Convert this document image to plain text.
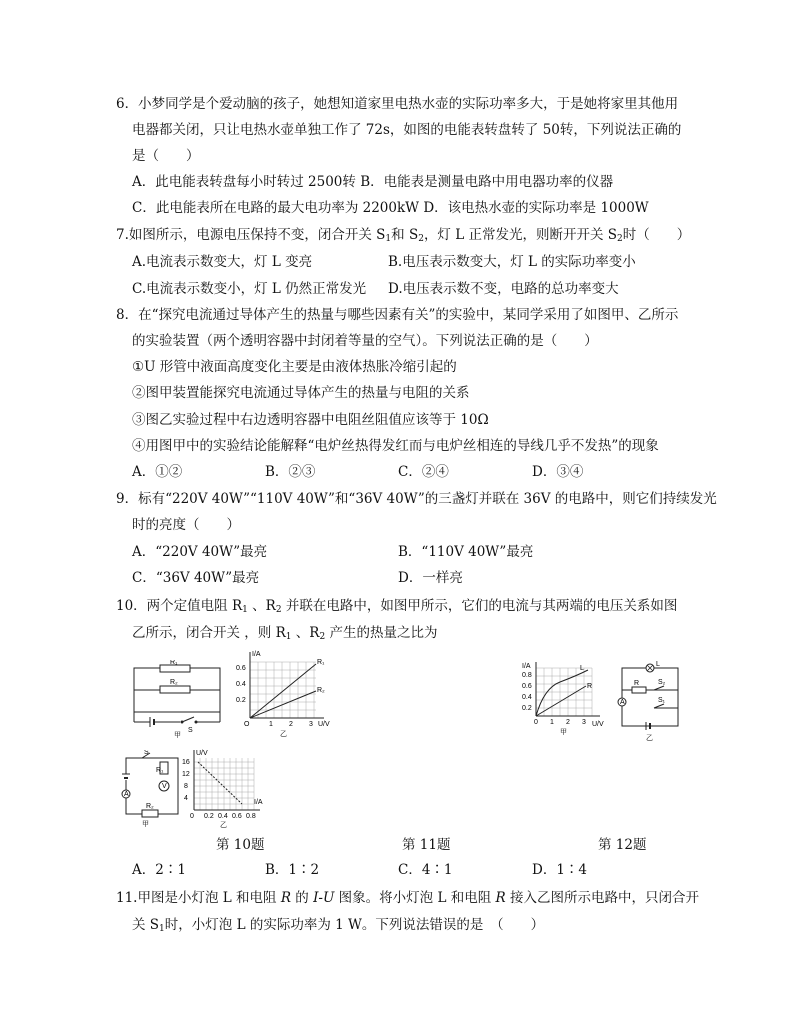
6．小梦同学是个爱动脑的孩子，她想知道家里电热水壶的实际功率多大，于是她将家里其他用
电器都关闭，只让电热水壶单独工作了 72s，如图的电能表转盘转了 50转，下列说法正确的
是（　　）
A．此电能表转盘每小时转过 2500转 B．电能表是测量电路中用电器功率的仪器
C．此电能表所在电路的最大电功率为 2200kW D．该电热水壶的实际功率是 1000W
7.如图所示，电源电压保持不变，闭合开关 $S_1$和 $S_2$，灯 L 正常发光，则断开开关 $S_2$时（　　）
A.电流表示数变大，灯 L 变亮	B.电压表示数变大，灯 L 的实际功率变小
C.电流表示数变小，灯 L 仍然正常发光 D.电压表示数不变，电路的总功率变大
8．在“探究电流通过导体产生的热量与哪些因素有关”的实验中，某同学采用了如图甲、乙所示
的实验装置（两个透明容器中封闭着等量的空气）。下列说法正确的是（　　）
①U 形管中液面高度变化主要是由液体热胀冷缩引起的
②图甲装置能探究电流通过导体产生的热量与电阻的关系
③图乙实验过程中右边透明容器中电阻丝阻值应该等于 10Ω
④用图甲中的实验结论能解释“电炉丝热得发红而与电炉丝相连的导线几乎不发热”的现象
A．①②	B．②③	C．②④	D．③④
9．标有“220V 40W”“110V 40W”和“36V 40W”的三盏灯并联在 36V 的电路中，则它们持续发光
时的亮度（　　）
A．“220V 40W”最亮	B．“110V 40W”最亮
C．“36V 40W”最亮	D．一样亮
10．两个定值电阻 $R_1$ 、$R_2$ 并联在电路中，如图甲所示，它们的电流与其两端的电压关系如图
乙所示，闭合开关 ，则 $R_1$ 、$R_2$ 产生的热量之比为
R₁
R₂
S
甲
I/A
U/V
0.6
0.4
0.2
O	1 2 3
R₁
R₂
乙
I/A
U/V
0.8
0.6
0.4
0.2
0 1 2 3
L
R
甲
L
R	S₂
A	S₁
乙
S
A
R₁
V
R₂
甲
U/V
I/A
16
12
8
4
0 0.2 0.4 0.6 0.8
乙
第 10题	第 11题	第 12题
A．2∶1	B．1∶2	C．4∶1	D．1∶4
11.甲图是小灯泡 L 和电阻 R 的 I-U 图象。将小灯泡 L 和电阻 R 接入乙图所示电路中，只闭合开
关 $S_1$时，小灯泡 L 的实际功率为 1 W。下列说法错误的是　（　　）
